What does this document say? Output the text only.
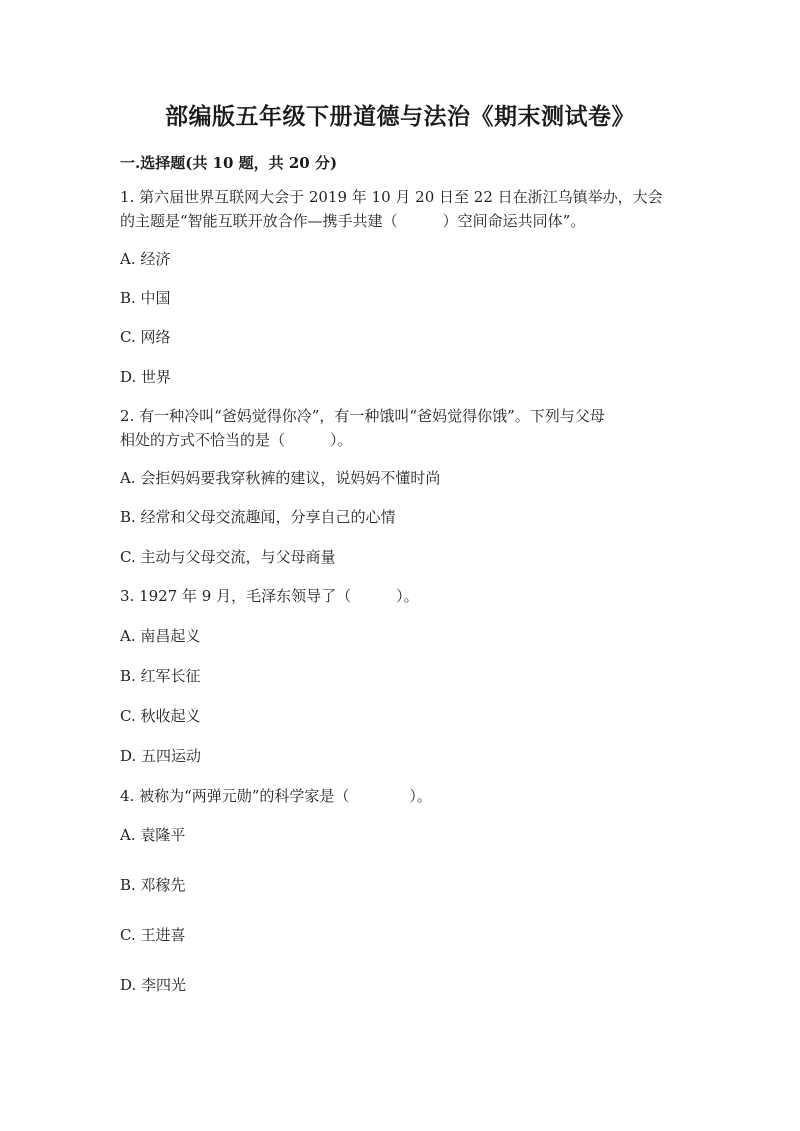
部编版五年级下册道德与法治《期末测试卷》
一.选择题(共 10 题，共 20 分)
1. 第六届世界互联网大会于 2019 年 10 月 20 日至 22 日在浙江乌镇举办，大会
的主题是“智能互联开放合作—携手共建（　　　）空间命运共同体”。
A. 经济
B. 中国
C. 网络
D. 世界
2. 有一种冷叫“爸妈觉得你冷”，有一种饿叫“爸妈觉得你饿”。下列与父母
相处的方式不恰当的是（　　　）。
A. 会拒妈妈要我穿秋裤的建议，说妈妈不懂时尚
B. 经常和父母交流趣闻，分享自己的心情
C. 主动与父母交流，与父母商量
3. 1927 年 9 月，毛泽东领导了（　　　）。
A. 南昌起义
B. 红军长征
C. 秋收起义
D. 五四运动
4. 被称为“两弹元勋”的科学家是（　　　　）。
A. 袁隆平
B. 邓稼先
C. 王进喜
D. 李四光
